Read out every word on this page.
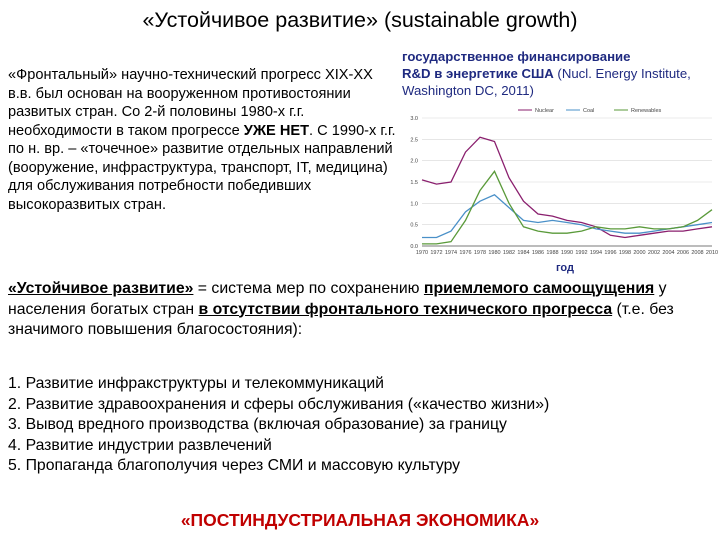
«Устойчивое развитие» (sustainable growth)
«Фронтальный» научно-технический прогресс XIX-XX в.в. был основан на вооруженном противостоянии развитых стран. Со 2-й половины 1980-х г.г. необходимости в таком прогрессе УЖЕ НЕТ. С 1990-х г.г. по н. вр. – «точечное» развитие отдельных направлений (вооружение, инфраструктура, транспорт, IT, медицина) для обслуживания потребности победивших высокоразвитых стран.
государственное финансирование
R&D в энергетике США (Nucl. Energy Institute, Washington DC, 2011)
0.0
0.5
1.0
1.5
2.0
2.5
3.0
1970 1972 1974 1976 1978 1980 1982 1984 1986 1988 1990 1992 1994 1996 1998 2000 2002 2004 2006 2008 2010
Nuclear	Coal	Renewables
год
«Устойчивое развитие» = система мер по сохранению приемлемого самоощущения у населения богатых стран в отсутствии фронтального технического прогресса (т.е. без значимого повышения благосостояния):
1. Развитие инфракструктуры и телекоммуникаций
2. Развитие здравоохранения и сферы обслуживания («качество жизни»)
3. Вывод вредного производства (включая образование) за границу
4. Развитие индустрии развлечений
5. Пропаганда благополучия через СМИ и массовую культуру
«ПОСТИНДУСТРИАЛЬНАЯ ЭКОНОМИКА»
